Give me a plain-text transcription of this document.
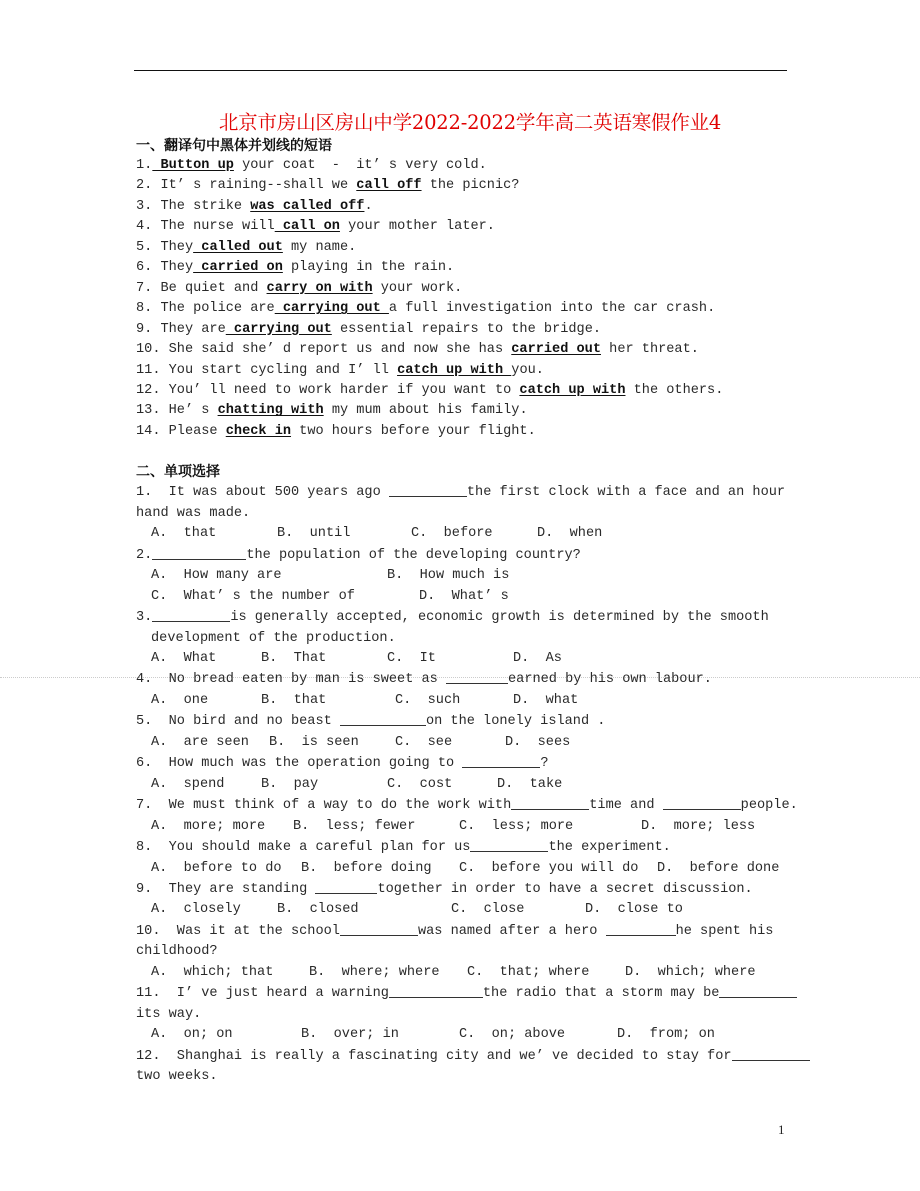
北京市房山区房山中学2022-2022学年高二英语寒假作业4

一、翻译句中黑体并划线的短语

1. Button up your coat  -  it’ s very cold.
2. It’ s raining--shall we call off the picnic?
3. The strike was called off.
4. The nurse will call on your mother later.
5. They called out my name.
6. They carried on playing in the rain.
7. Be quiet and carry on with your work.
8. The police are carrying out a full investigation into the car crash.
9. They are carrying out essential repairs to the bridge.
10. She said she’ d report us and now she has carried out her threat.
11. You start cycling and I’ ll catch up with you.
12. You’ ll need to work harder if you want to catch up with the others.
13. He’ s chatting with my mum about his family.
14. Please check in two hours before your flight.

二、单项选择

1.  It was about 500 years ago	the first clock with a face and an hour
hand was made.
A.  that	B.  until	C.  before	D.  when
2.	the population of the developing country?
A.  How many are	B.  How much is
C.  What’ s the number of	D.  What’ s
3.	is generally accepted, economic growth is determined by the smooth
development of the production.
A.  What	B.  That	C.  It	D.  As
4.  No bread eaten by man is sweet as	earned by his own labour.
A.  one	B.  that	C.  such	D.  what
5.  No bird and no beast	on the lonely island .
A.  are seen	B.  is seen	C.  see	D.  sees
6.  How much was the operation going to	?
A.  spend	B.  pay	C.  cost	D.  take
7.  We must think of a way to do the work with	time and	people.
A.  more; more	B.  less; fewer	C.  less; more	D.  more; less
8.  You should make a careful plan for us	the experiment.
A.  before to do	B.  before doing	C.  before you will do	D.  before done
9.  They are standing	together in order to have a secret discussion.
A.  closely	B.  closed	C.  close	D.  close to
10.  Was it at the school	was named after a hero	he spent his
childhood?
A.  which; that	B.  where; where	C.  that; where	D.  which; where
11.  I’ ve just heard a warning	the radio that a storm may be
its way.
A.  on; on	B.  over; in	C.  on; above	D.  from; on
12.  Shanghai is really a fascinating city and we’ ve decided to stay for
two weeks.
1
